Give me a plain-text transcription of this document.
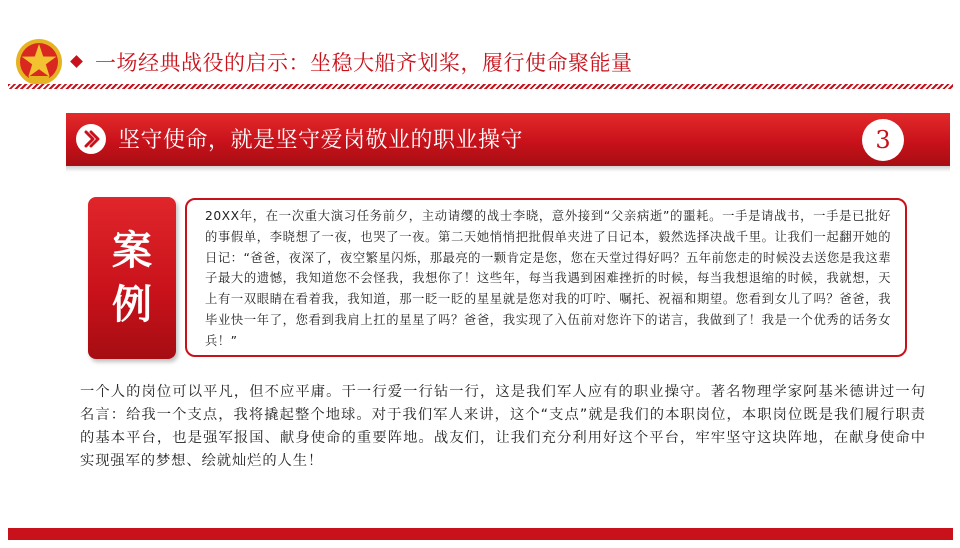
一场经典战役的启示：坐稳大船齐划桨，履行使命聚能量
坚守使命，就是坚守爱岗敬业的职业操守	3
案
例
20XX年，在一次重大演习任务前夕，主动请缨的战士李晓，意外接到“父亲病逝”的噩耗。一手是请战书，一手是已批好的事假单，李晓想了一夜，也哭了一夜。第二天她悄悄把批假单夹进了日记本，毅然选择决战千里。让我们一起翻开她的日记：“爸爸，夜深了，夜空繁星闪烁，那最亮的一颗肯定是您，您在天堂过得好吗？五年前您走的时候没去送您是我这辈子最大的遗憾，我知道您不会怪我，我想你了！这些年，每当我遇到困难挫折的时候，每当我想退缩的时候，我就想，天上有一双眼睛在看着我，我知道，那一眨一眨的星星就是您对我的叮咛、嘱托、祝福和期望。您看到女儿了吗？爸爸，我毕业快一年了，您看到我肩上扛的星星了吗？爸爸，我实现了入伍前对您许下的诺言，我做到了！我是一个优秀的话务女兵！”
一个人的岗位可以平凡，但不应平庸。干一行爱一行钻一行，这是我们军人应有的职业操守。著名物理学家阿基米德讲过一句名言：给我一个支点，我将撬起整个地球。对于我们军人来讲，这个“支点”就是我们的本职岗位，本职岗位既是我们履行职责的基本平台，也是强军报国、献身使命的重要阵地。战友们，让我们充分利用好这个平台，牢牢坚守这块阵地，在献身使命中实现强军的梦想、绘就灿烂的人生！
